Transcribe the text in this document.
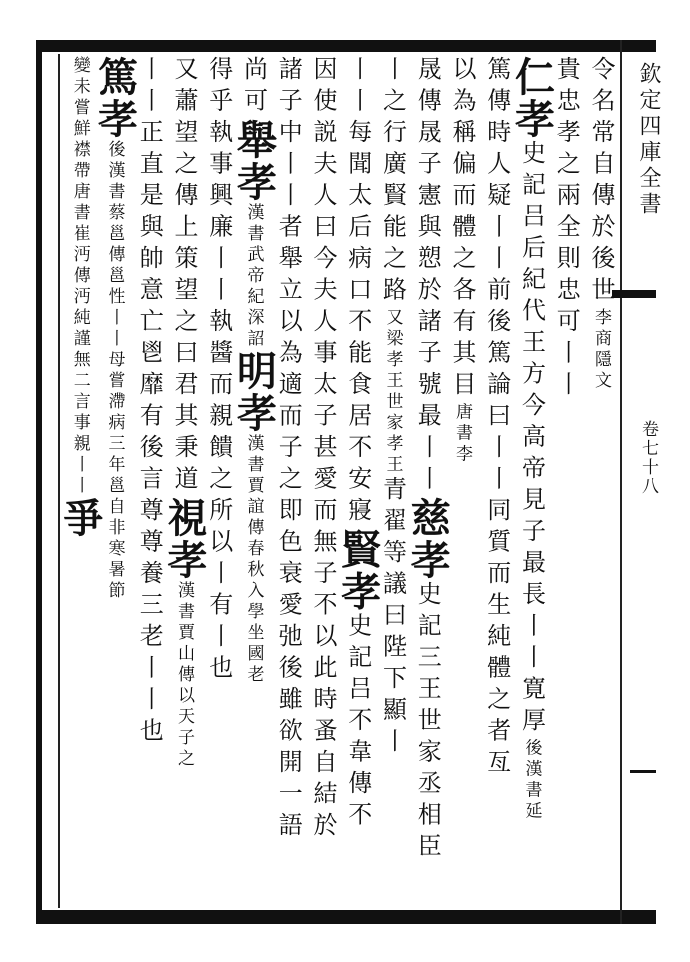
欽定四庫全書
卷七十八
令名常自傳於後世李商隱文
貴忠孝之兩全則忠可丨丨
仁孝史記吕后紀代王方今高帝見子最長丨丨寛厚後漢書延
篤傳時人疑丨丨前後篤論曰丨丨同質而生純體之者亙
以為稱偏而體之各有其目唐書李
晟傳晟子憲與愬於諸子號最丨丨慈孝史記三王世家丞相臣
丨之行廣賢能之路又梁孝王世家孝王青翟等議曰陛下顯丨
丨丨每聞太后病口不能食居不安寢賢孝史記吕不韋傳不
因使説夫人曰今夫人事太子甚愛而無子不以此時蚤自結於
諸子中丨丨者舉立以為適而子之即色衰愛弛後雖欲開一語
尚可舉孝漢書武帝紀深詔明孝漢書賈誼傳春秋入學坐國老
得乎執事興廉丨丨執醬而親饋之所以丨有丨也
又蕭望之傳上策望之曰君其秉道視孝漢書賈山傳以天子之
丨丨正直是與帥意亡鬯靡有後言尊尊養三老丨丨也
篤孝後漢書蔡邕傳邕性丨丨母嘗滯病三年邕自非寒暑節
變未嘗鮮襟帶唐書崔沔傳沔純謹無二言事親丨丨爭
